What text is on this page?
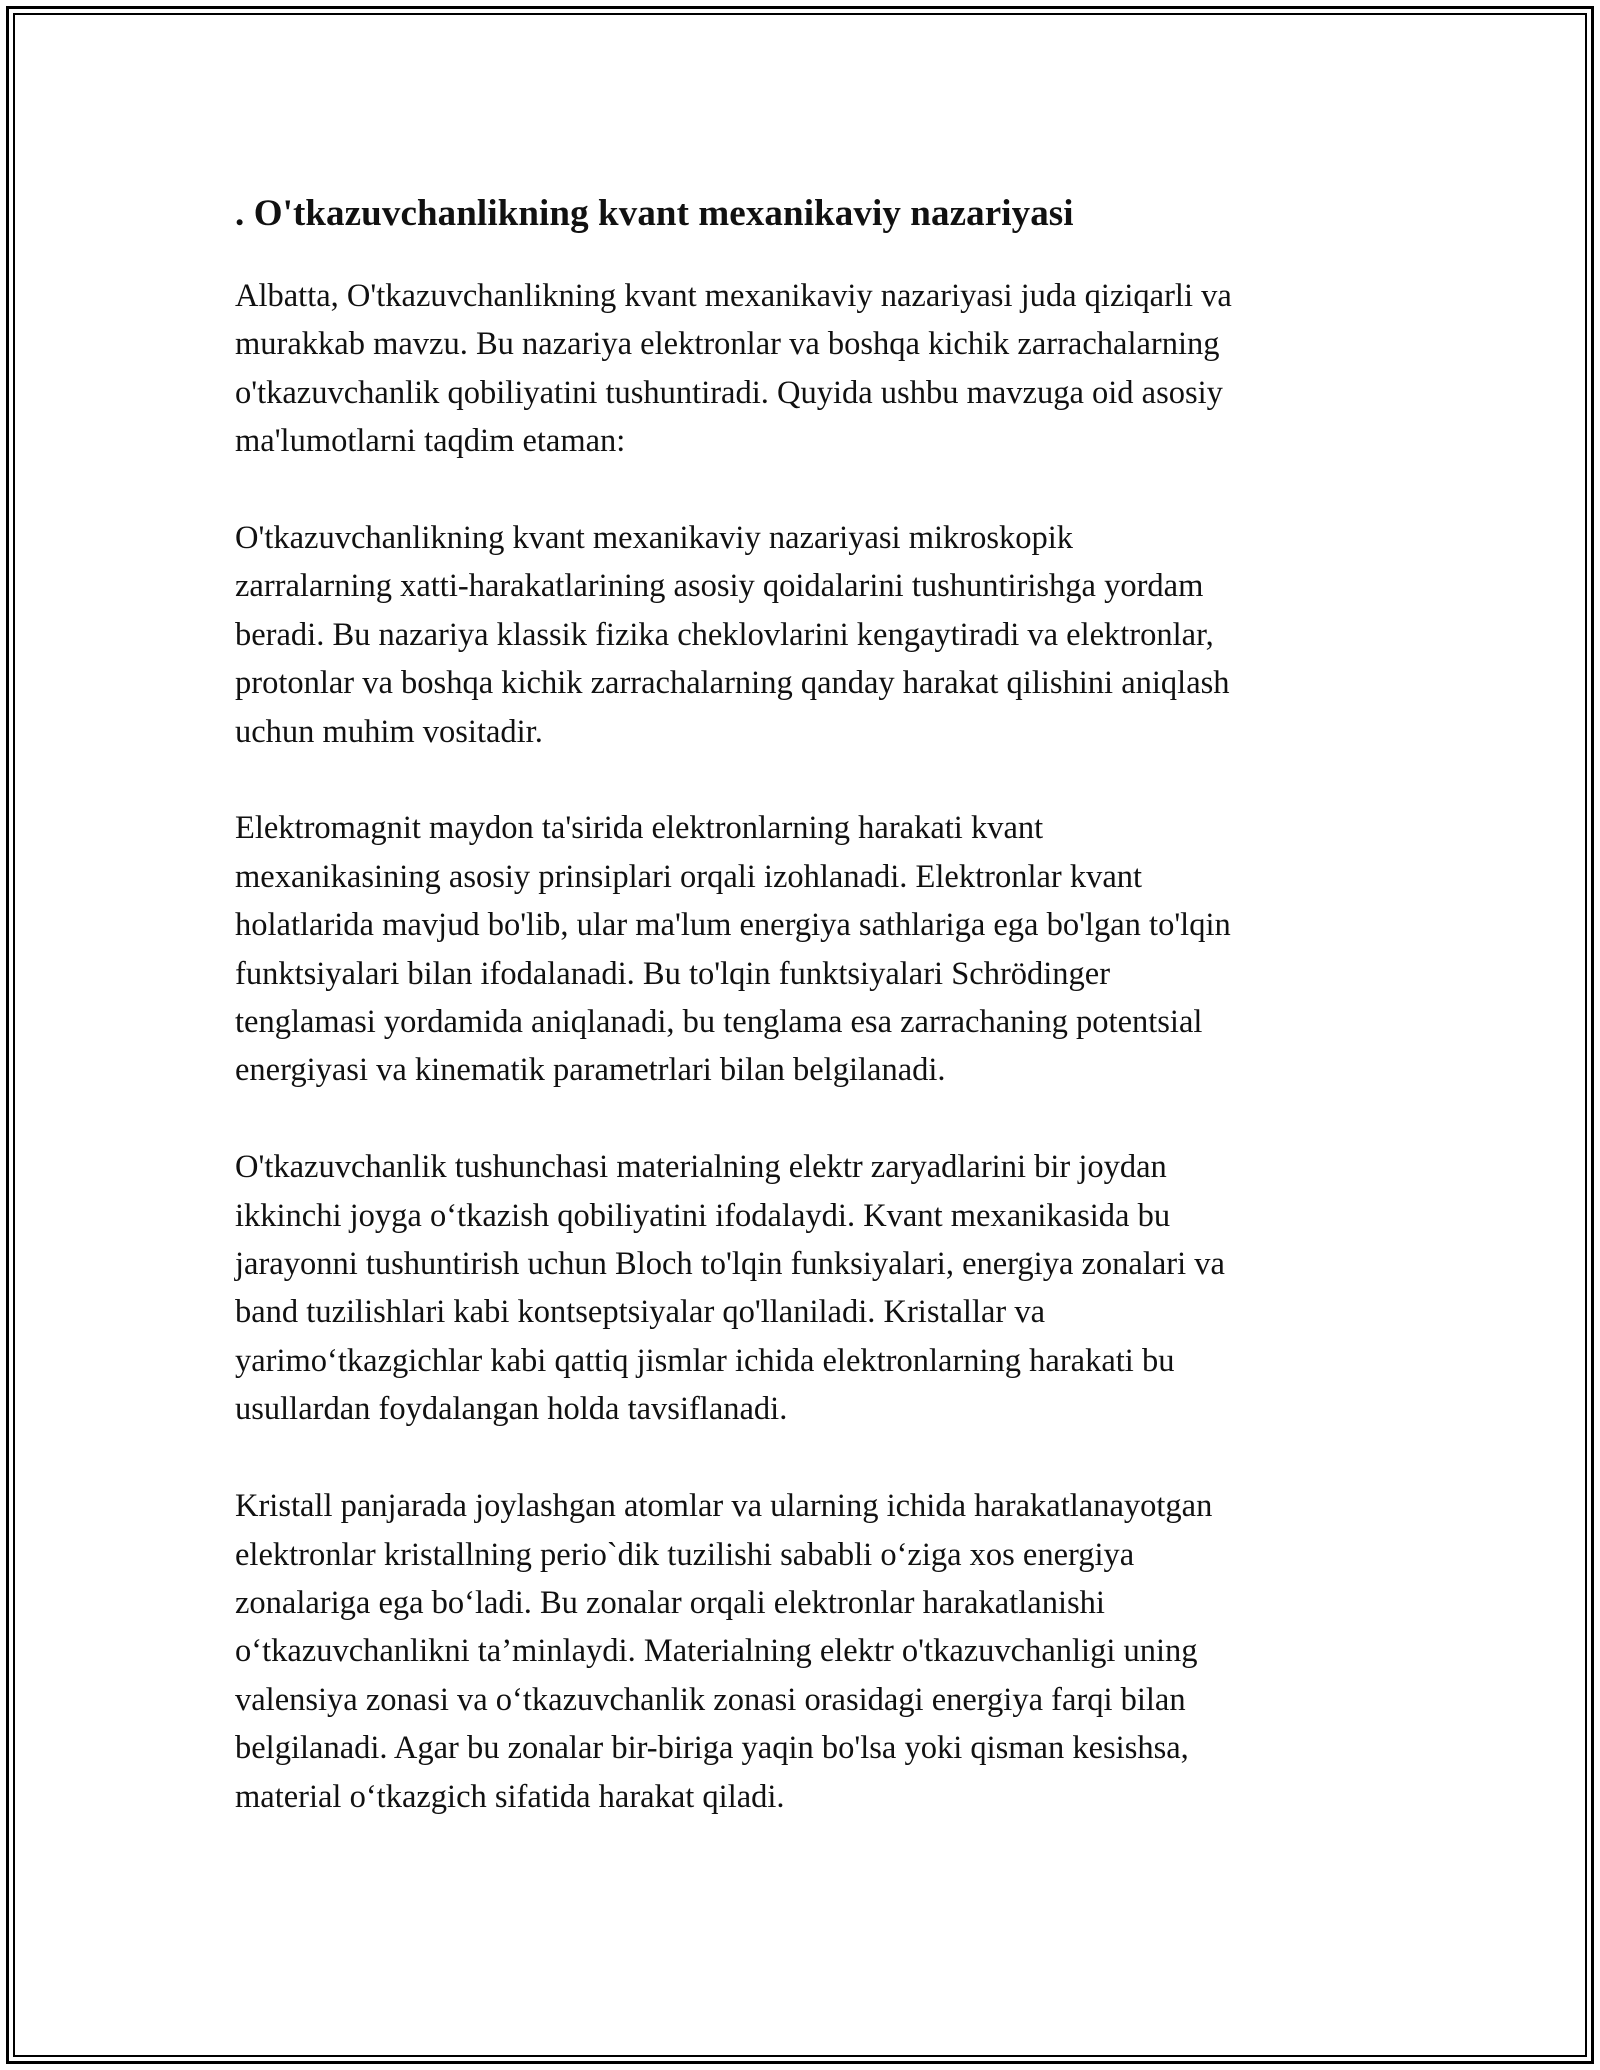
. O'tkazuvchanlikning kvant mexanikaviy nazariyasi

Albatta, O'tkazuvchanlikning kvant mexanikaviy nazariyasi juda qiziqarli va
murakkab mavzu. Bu nazariya elektronlar va boshqa kichik zarrachalarning
o'tkazuvchanlik qobiliyatini tushuntiradi. Quyida ushbu mavzuga oid asosiy
ma'lumotlarni taqdim etaman:

O'tkazuvchanlikning kvant mexanikaviy nazariyasi mikroskopik
zarralarning xatti-harakatlarining asosiy qoidalarini tushuntirishga yordam
beradi. Bu nazariya klassik fizika cheklovlarini kengaytiradi va elektronlar,
protonlar va boshqa kichik zarrachalarning qanday harakat qilishini aniqlash
uchun muhim vositadir.

Elektromagnit maydon ta'sirida elektronlarning harakati kvant
mexanikasining asosiy prinsiplari orqali izohlanadi. Elektronlar kvant
holatlarida mavjud bo'lib, ular ma'lum energiya sathlariga ega bo'lgan to'lqin
funktsiyalari bilan ifodalanadi. Bu to'lqin funktsiyalari Schrödinger
tenglamasi yordamida aniqlanadi, bu tenglama esa zarrachaning potentsial
energiyasi va kinematik parametrlari bilan belgilanadi.

O'tkazuvchanlik tushunchasi materialning elektr zaryadlarini bir joydan
ikkinchi joyga o‘tkazish qobiliyatini ifodalaydi. Kvant mexanikasida bu
jarayonni tushuntirish uchun Bloch to'lqin funksiyalari, energiya zonalari va
band tuzilishlari kabi kontseptsiyalar qo'llaniladi. Kristallar va
yarimo‘tkazgichlar kabi qattiq jismlar ichida elektronlarning harakati bu
usullardan foydalangan holda tavsiflanadi.

Kristall panjarada joylashgan atomlar va ularning ichida harakatlanayotgan
elektronlar kristallning perio`dik tuzilishi sababli o‘ziga xos energiya
zonalariga ega bo‘ladi. Bu zonalar orqali elektronlar harakatlanishi
o‘tkazuvchanlikni ta’minlaydi. Materialning elektr o'tkazuvchanligi uning
valensiya zonasi va o‘tkazuvchanlik zonasi orasidagi energiya farqi bilan
belgilanadi. Agar bu zonalar bir-biriga yaqin bo'lsa yoki qisman kesishsa,
material o‘tkazgich sifatida harakat qiladi.
